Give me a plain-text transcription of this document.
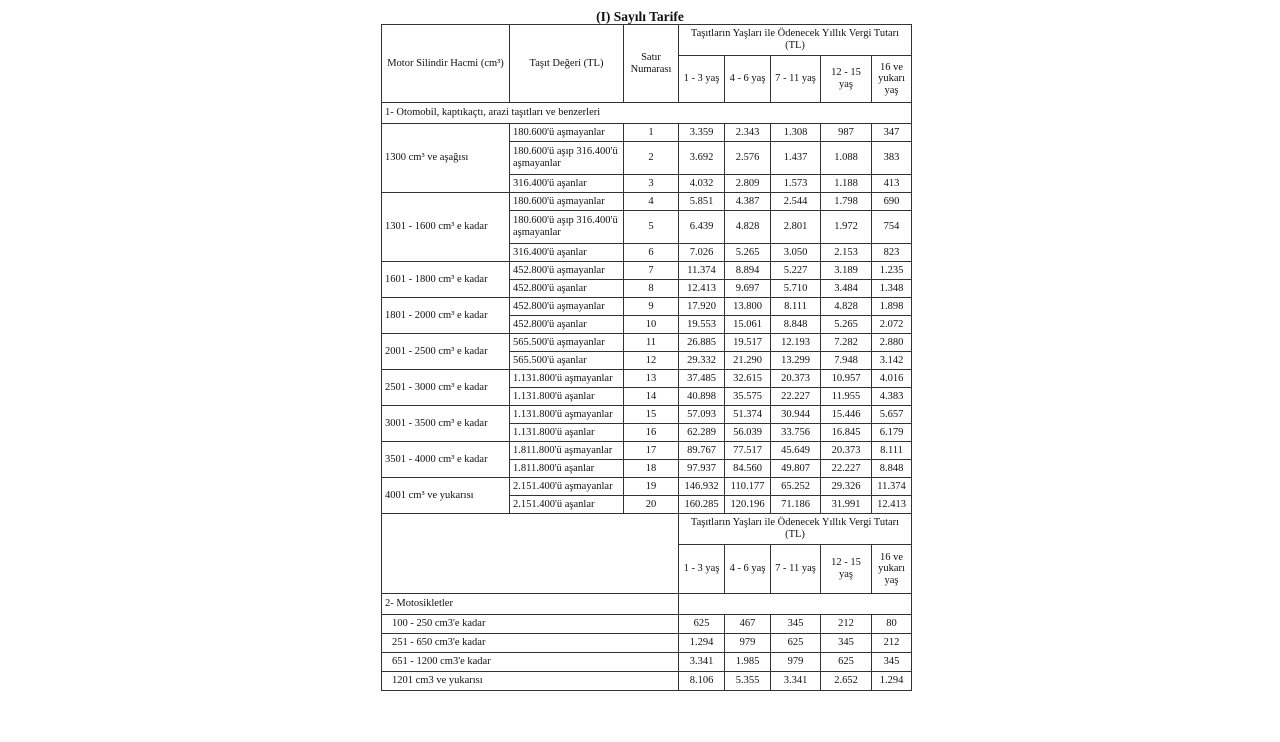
(I) Sayılı Tarife
Motor Silindir Hacmi (cm³)	Taşıt Değeri (TL)	Satır Numarası	Taşıtların Yaşları ile Ödenecek Yıllık Vergi Tutarı (TL)				
			1 - 3 yaş	4 - 6 yaş	7 - 11 yaş	12 - 15 yaş	16 ve yukarı yaş
1- Otomobil, kaptıkaçtı, arazi taşıtları ve benzerleri							
1300 cm³ ve aşağısı	180.600'ü aşmayanlar	1	3.359	2.343	1.308	987	347
	180.600'ü aşıp 316.400'ü aşmayanlar	2	3.692	2.576	1.437	1.088	383
	316.400'ü aşanlar	3	4.032	2.809	1.573	1.188	413
1301 - 1600 cm³ e kadar	180.600'ü aşmayanlar	4	5.851	4.387	2.544	1.798	690
	180.600'ü aşıp 316.400'ü aşmayanlar	5	6.439	4.828	2.801	1.972	754
	316.400'ü aşanlar	6	7.026	5.265	3.050	2.153	823
1601 - 1800 cm³ e kadar	452.800'ü aşmayanlar	7	11.374	8.894	5.227	3.189	1.235
	452.800'ü aşanlar	8	12.413	9.697	5.710	3.484	1.348
1801 - 2000 cm³ e kadar	452.800'ü aşmayanlar	9	17.920	13.800	8.111	4.828	1.898
	452.800'ü aşanlar	10	19.553	15.061	8.848	5.265	2.072
2001 - 2500 cm³ e kadar	565.500'ü aşmayanlar	11	26.885	19.517	12.193	7.282	2.880
	565.500'ü aşanlar	12	29.332	21.290	13.299	7.948	3.142
2501 - 3000 cm³ e kadar	1.131.800'ü aşmayanlar	13	37.485	32.615	20.373	10.957	4.016
	1.131.800'ü aşanlar	14	40.898	35.575	22.227	11.955	4.383
3001 - 3500 cm³ e kadar	1.131.800'ü aşmayanlar	15	57.093	51.374	30.944	15.446	5.657
	1.131.800'ü aşanlar	16	62.289	56.039	33.756	16.845	6.179
3501 - 4000 cm³ e kadar	1.811.800'ü aşmayanlar	17	89.767	77.517	45.649	20.373	8.111
	1.811.800'ü aşanlar	18	97.937	84.560	49.807	22.227	8.848
4001 cm³ ve yukarısı	2.151.400'ü aşmayanlar	19	146.932	110.177	65.252	29.326	11.374
	2.151.400'ü aşanlar	20	160.285	120.196	71.186	31.991	12.413
			Taşıtların Yaşları ile Ödenecek Yıllık Vergi Tutarı (TL)				
			1 - 3 yaş	4 - 6 yaş	7 - 11 yaş	12 - 15 yaş	16 ve yukarı yaş
2- Motosikletler							
100 - 250 cm3'e kadar			625	467	345	212	80
251 - 650 cm3'e kadar			1.294	979	625	345	212
651 - 1200 cm3'e kadar			3.341	1.985	979	625	345
1201 cm3 ve yukarısı			8.106	5.355	3.341	2.652	1.294
